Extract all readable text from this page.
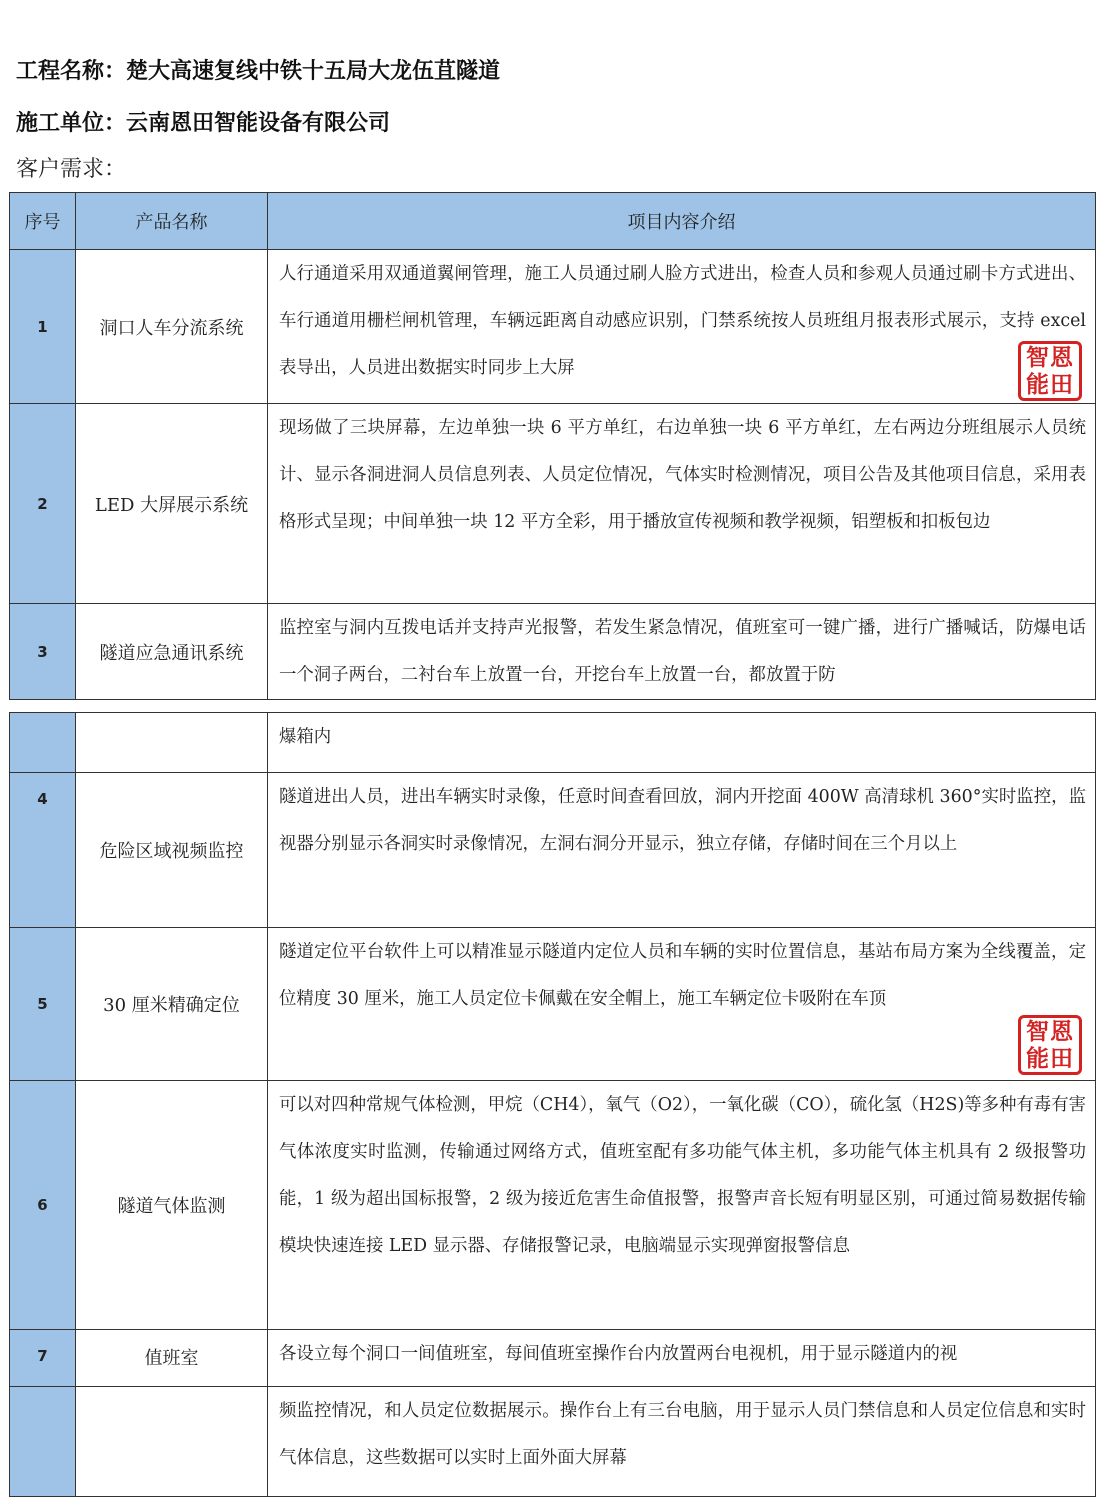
工程名称：楚大高速复线中铁十五局大龙伍苴隧道
施工单位：云南恩田智能设备有限公司
客户需求：
序号	产品名称	项目内容介绍
1	洞口人车分流系统	人行通道采用双通道翼闸管理，施工人员通过刷人脸方式进出，检查人员和参观人员通过刷卡方式进出、车行通道用栅栏闸机管理，车辆远距离自动感应识别，门禁系统按人员班组月报表形式展示，支持 excel 表导出，人员进出数据实时同步上大屏
2	LED 大屏展示系统	现场做了三块屏幕，左边单独一块 6 平方单红，右边单独一块 6 平方单红，左右两边分班组展示人员统计、显示各洞进洞人员信息列表、人员定位情况，气体实时检测情况，项目公告及其他项目信息，采用表格形式呈现；中间单独一块 12 平方全彩，用于播放宣传视频和教学视频，铝塑板和扣板包边
3	隧道应急通讯系统	监控室与洞内互拨电话并支持声光报警，若发生紧急情况，值班室可一键广播，进行广播喊话，防爆电话一个洞子两台，二衬台车上放置一台，开挖台车上放置一台，都放置于防
		爆箱内
4	危险区域视频监控	隧道进出人员，进出车辆实时录像，任意时间查看回放，洞内开挖面 400W 高清球机 360°实时监控，监视器分别显示各洞实时录像情况，左洞右洞分开显示，独立存储，存储时间在三个月以上
5	30 厘米精确定位	隧道定位平台软件上可以精准显示隧道内定位人员和车辆的实时位置信息，基站布局方案为全线覆盖，定位精度 30 厘米，施工人员定位卡佩戴在安全帽上，施工车辆定位卡吸附在车顶
6	隧道气体监测	可以对四种常规气体检测，甲烷（CH4），氧气（O2），一氧化碳（CO），硫化氢（H2S)等多种有毒有害气体浓度实时监测，传输通过网络方式，值班室配有多功能气体主机，多功能气体主机具有 2 级报警功能，1 级为超出国标报警，2 级为接近危害生命值报警，报警声音长短有明显区别，可通过简易数据传输模块快速连接 LED 显示器、存储报警记录，电脑端显示实现弹窗报警信息
7	值班室	各设立每个洞口一间值班室，每间值班室操作台内放置两台电视机，用于显示隧道内的视
		频监控情况，和人员定位数据展示。操作台上有三台电脑，用于显示人员门禁信息和人员定位信息和实时气体信息，这些数据可以实时上面外面大屏幕
智恩
能田
智恩
能田
